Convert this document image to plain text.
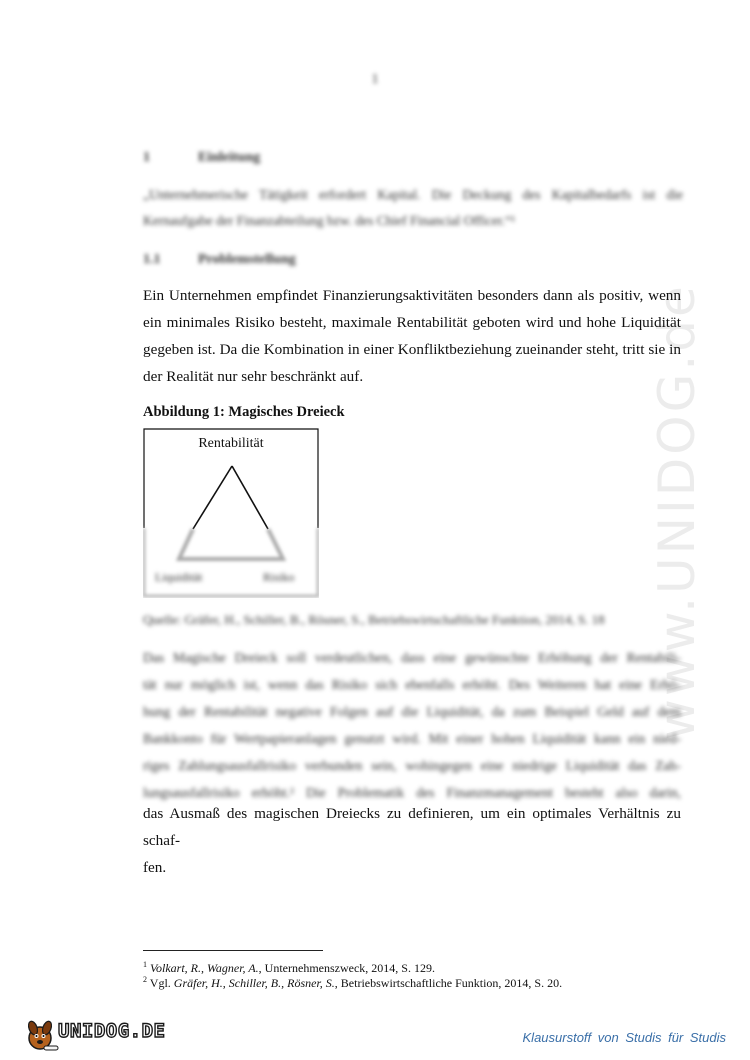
www.UNIDOG.de
1
1	Einleitung
„Unternehmerische Tätigkeit erfordert Kapital. Die Deckung des Kapitalbedarfs ist die Kernaufgabe der Finanzabteilung bzw. des Chief Financial Officer.“¹
1.1	Problemstellung
Ein Unternehmen empfindet Finanzierungsaktivitäten besonders dann als positiv, wenn
ein minimales Risiko besteht, maximale Rentabilität geboten wird und hohe Liquidität
gegeben ist. Da die Kombination in einer Konfliktbeziehung zueinander steht, tritt sie in
der Realität nur sehr beschränkt auf.
Abbildung 1: Magisches Dreieck
Rentabilität
Liquidität	Risiko
Quelle: Gräfer, H., Schiller, B., Rösner, S., Betriebswirtschaftliche Funktion, 2014, S. 18
Das Magische Dreieck soll verdeutlichen, dass eine gewünschte Erhöhung der Rentabili-
tät nur möglich ist, wenn das Risiko sich ebenfalls erhöht. Des Weiteren hat eine Erhö-
hung der Rentabilität negative Folgen auf die Liquidität, da zum Beispiel Geld auf dem
Bankkonto für Wertpapieranlagen genutzt wird. Mit einer hohen Liquidität kann ein nied-
riges Zahlungsausfallrisiko verbunden sein, wohingegen eine niedrige Liquidität das Zah-
lungsausfallrisiko erhöht.² Die Problematik des Finanzmanagement besteht also darin,
das Ausmaß des magischen Dreiecks zu definieren, um ein optimales Verhältnis zu schaf-
fen.
$^1$ Volkart, R., Wagner, A., Unternehmenszweck, 2014, S. 129.
$^2$ Vgl. Gräfer, H., Schiller, B., Rösner, S., Betriebswirtschaftliche Funktion, 2014, S. 20.
UNIDOG.DE	Klausurstoff von Studis für Studis
